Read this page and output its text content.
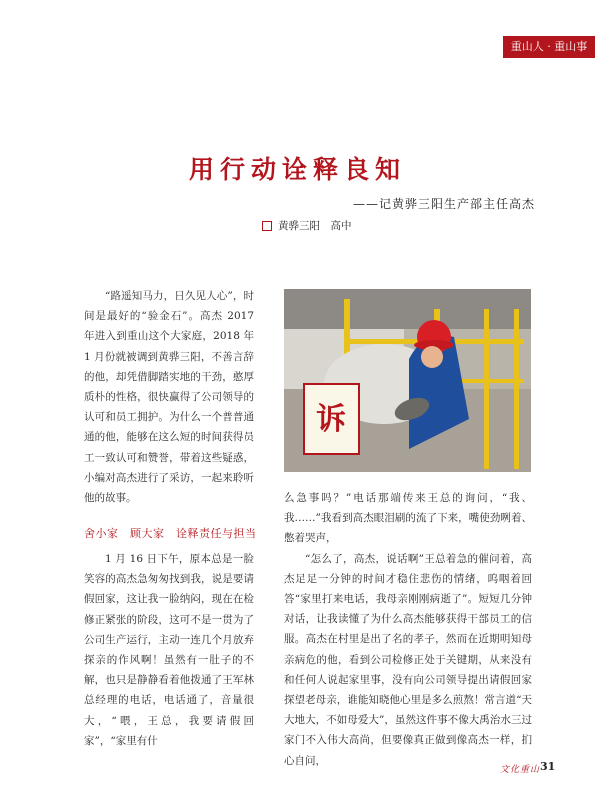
重山人 · 重山事
用行动诠释良知
——记黄骅三阳生产部主任高杰
黄骅三阳　高中

“路遥知马力，日久见人心”，时间是最好的“验金石”。高杰 2017 年进入到重山这个大家庭，2018 年 1 月份就被调到黄骅三阳，不善言辞的他，却凭借脚踏实地的干劲，憨厚质朴的性格，很快赢得了公司领导的认可和员工拥护。为什么一个普普通通的他，能够在这么短的时间获得员工一致认可和赞誉，带着这些疑惑，小编对高杰进行了采访，一起来聆听他的故事。

舍小家　顾大家　诠释责任与担当

1 月 16 日下午，原本总是一脸笑容的高杰急匆匆找到我，说是要请假回家，这让我一脸纳闷，现在在检修正紧张的阶段，这可不是一贯为了公司生产运行，主动一连几个月放弃探亲的作风啊！虽然有一肚子的不解，也只是静静看着他拨通了王军林总经理的电话，电话通了，音量很大，“喂，王总，我要请假回家”，“家里有什

诉

么急事吗？”电话那端传来王总的询问，“我、我……”我看到高杰眼泪刷的流了下来，嘴使劲咧着、憋着哭声，

“怎么了，高杰，说话啊”王总着急的催问着，高杰足足一分钟的时间才稳住悲伤的情绪，呜咽着回答“家里打来电话，我母亲刚刚病逝了”。短短几分钟对话，让我读懂了为什么高杰能够获得干部员工的信服。高杰在村里是出了名的孝子，然而在近期明知母亲病危的他，看到公司检修正处于关键期，从来没有和任何人说起家里事，没有向公司领导提出请假回家探望老母亲，谁能知晓他心里是多么煎熬！常言道“天大地大，不如母爱大”，虽然这件事不像大禹治水三过家门不入伟大高尚，但要像真正做到像高杰一样，扪心自问，

文化重山 31
